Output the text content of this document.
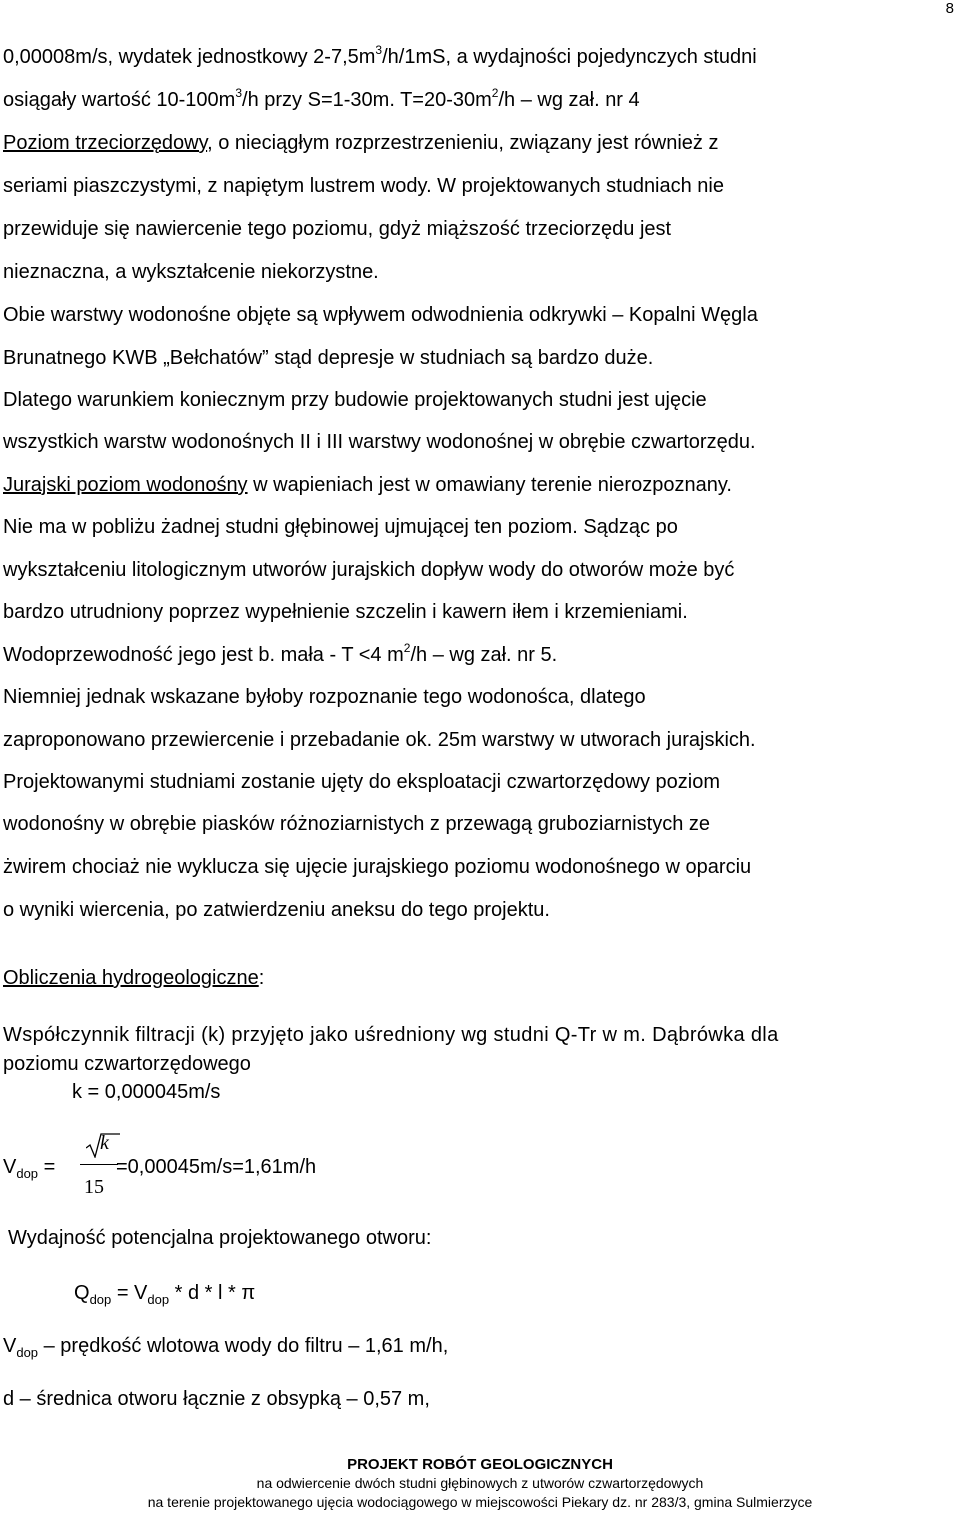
8
0,00008m/s, wydatek jednostkowy $2-7,5m^3/h/1mS$, a wydajności pojedynczych studni
osiągały wartość $10-100m^3/h$ przy S=1-30m. $T=20-30m^2/h$ – wg zał. nr 4
Poziom trzeciorzędowy, o nieciągłym rozprzestrzenieniu, związany jest również z
seriami piaszczystymi, z napiętym lustrem wody. W projektowanych studniach nie
przewiduje się nawiercenie tego poziomu, gdyż miąższość trzeciorzędu jest
nieznaczna, a wykształcenie niekorzystne.
Obie warstwy wodonośne objęte są wpływem odwodnienia odkrywki – Kopalni Węgla
Brunatnego KWB „Bełchatów” stąd depresje w studniach są bardzo duże.
Dlatego warunkiem koniecznym przy budowie projektowanych studni jest ujęcie
wszystkich warstw wodonośnych II i III warstwy wodonośnej w obrębie czwartorzędu.
Jurajski poziom wodonośny w wapieniach jest w omawiany terenie nierozpoznany.
Nie ma w pobliżu żadnej studni głębinowej ujmującej ten poziom. Sądząc po
wykształceniu litologicznym utworów jurajskich dopływ wody do otworów może być
bardzo utrudniony poprzez wypełnienie szczelin i kawern iłem i krzemieniami.
Wodoprzewodność jego jest b. mała - T <4 $m^2/h$ – wg zał. nr 5.
Niemniej jednak wskazane byłoby rozpoznanie tego wodonośca, dlatego
zaproponowano przewiercenie i przebadanie ok. 25m warstwy w utworach jurajskich.
Projektowanymi studniami zostanie ujęty do eksploatacji czwartorzędowy poziom
wodonośny w obrębie piasków różnoziarnistych z przewagą gruboziarnistych ze
żwirem chociaż nie wyklucza się ujęcie jurajskiego poziomu wodonośnego w oparciu
o wyniki wiercenia, po zatwierdzeniu aneksu do tego projektu.
Obliczenia hydrogeologiczne:
Współczynnik filtracji (k) przyjęto jako uśredniony wg studni Q-Tr w m. Dąbrówka dla
poziomu czwartorzędowego
k = 0,000045m/s
$V_{dop}$ =
k
15
=0,00045m/s=1,61m/h
Wydajność potencjalna projektowanego otworu:
$Q_{dop} = V_{dop} * d * l * \pi$
$V_{dop}$ – prędkość wlotowa wody do filtru – 1,61 m/h,
d – średnica otworu łącznie z obsypką – 0,57 m,
PROJEKT ROBÓT GEOLOGICZNYCH
na odwiercenie dwóch studni głębinowych z utworów czwartorzędowych
na terenie projektowanego ujęcia wodociągowego w miejscowości Piekary dz. nr 283/3, gmina Sulmierzyce
